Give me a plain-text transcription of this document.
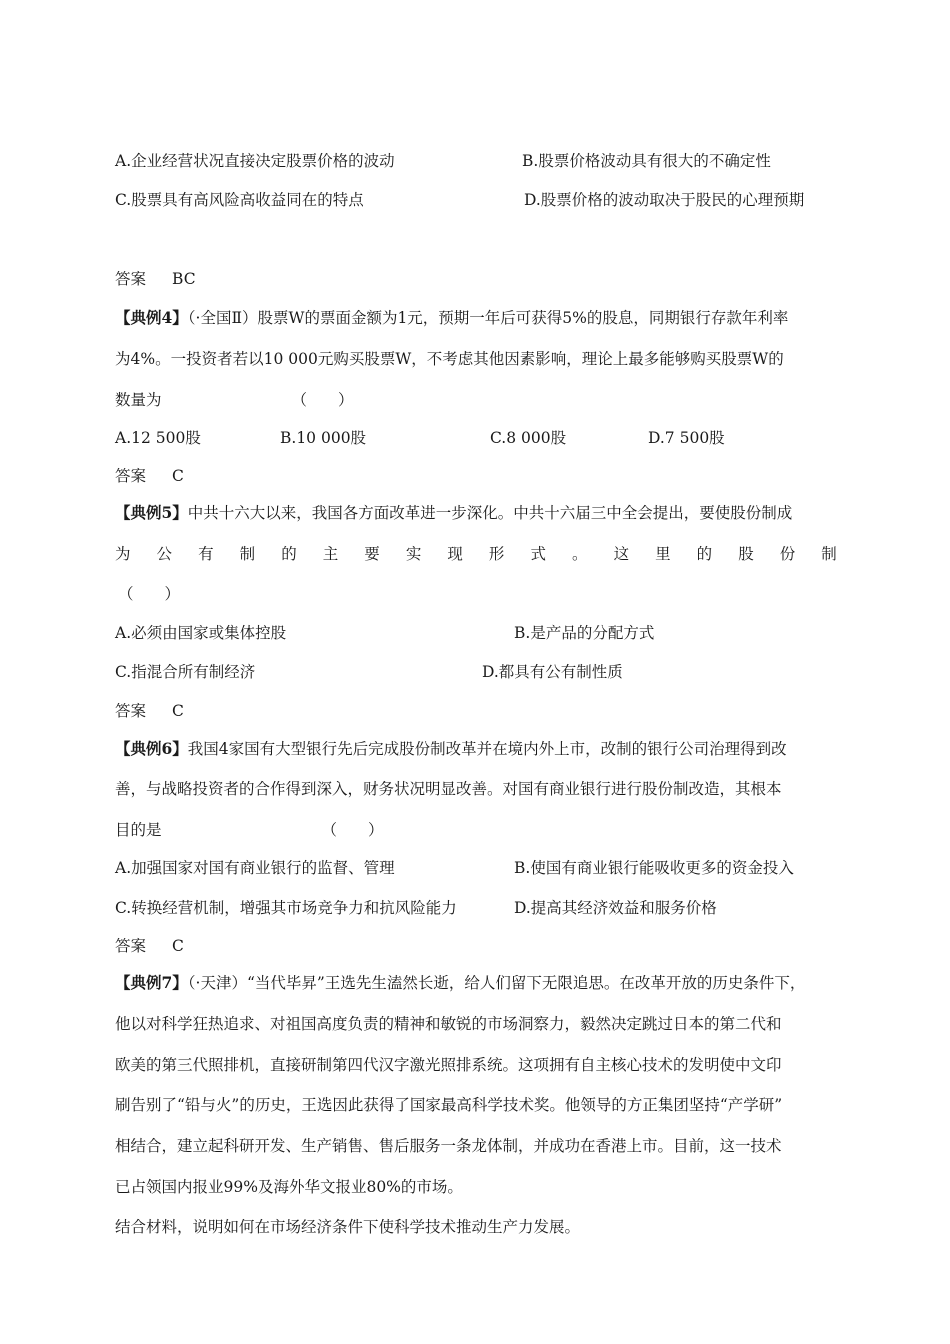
A.企业经营状况直接决定股票价格的波动	B.股票价格波动具有很大的不确定性
C.股票具有高风险高收益同在的特点	D.股票价格的波动取决于股民的心理预期
答案 BC
【典例4】（·全国Ⅱ）股票W的票面金额为1元，预期一年后可获得5%的股息，同期银行存款年利率
为4%。一投资者若以10 000元购买股票W，不考虑其他因素影响，理论上最多能够购买股票W的
数量为	（　　）
A.12 500股	B.10 000股	C.8 000股	D.7 500股
答案 C
【典例5】中共十六大以来，我国各方面改革进一步深化。中共十六届三中全会提出，要使股份制成
为 公 有 制 的 主 要 实 现 形 式 。 这 里 的 股 份 制
（　　）
A.必须由国家或集体控股	B.是产品的分配方式
C.指混合所有制经济	D.都具有公有制性质
答案 C
【典例6】我国4家国有大型银行先后完成股份制改革并在境内外上市，改制的银行公司治理得到改
善，与战略投资者的合作得到深入，财务状况明显改善。对国有商业银行进行股份制改造，其根本
目的是	（　　）
A.加强国家对国有商业银行的监督、管理	B.使国有商业银行能吸收更多的资金投入
C.转换经营机制，增强其市场竞争力和抗风险能力	D.提高其经济效益和服务价格
答案 C
【典例7】（·天津）“当代毕昇”王选先生溘然长逝，给人们留下无限追思。在改革开放的历史条件下，
他以对科学狂热追求、对祖国高度负责的精神和敏锐的市场洞察力，毅然决定跳过日本的第二代和
欧美的第三代照排机，直接研制第四代汉字激光照排系统。这项拥有自主核心技术的发明使中文印
刷告别了“铅与火”的历史，王选因此获得了国家最高科学技术奖。他领导的方正集团坚持“产学研”
相结合，建立起科研开发、生产销售、售后服务一条龙体制，并成功在香港上市。目前，这一技术
已占领国内报业99%及海外华文报业80%的市场。
结合材料，说明如何在市场经济条件下使科学技术推动生产力发展。
